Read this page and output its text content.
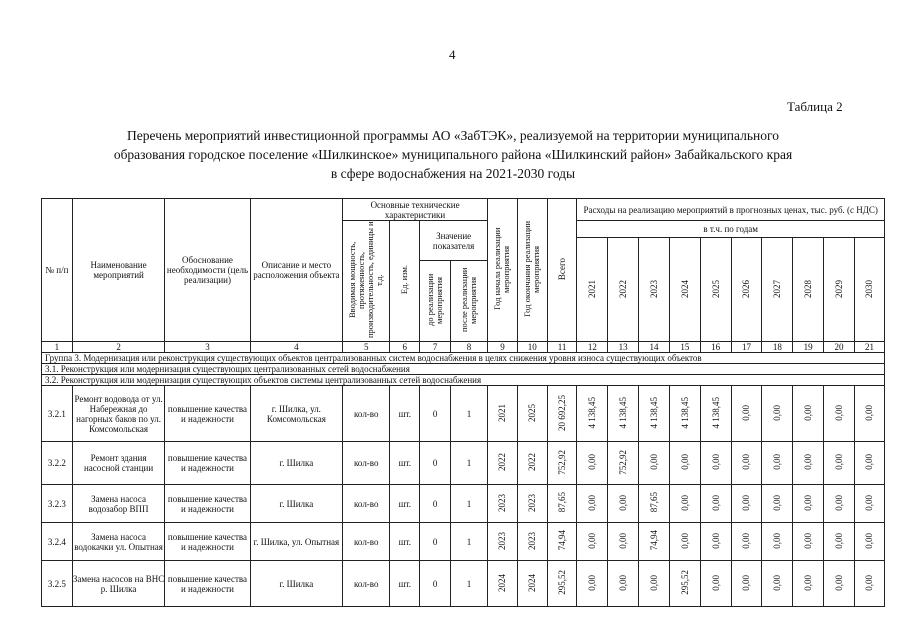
4
Таблица 2
Перечень мероприятий инвестиционной программы АО «ЗабТЭК», реализуемой на территории муниципального
образования городское поселение «Шилкинское» муниципального района «Шилкинский район» Забайкальского края
в сфере водоснабжения на 2021-2030 годы
№ п/п	Наименование мероприятий	Обоснование необходимости (цель реализации)	Описание и место расположения объекта	Основные технические характеристики				Год начала реализации мероприятия	Год окончания реализации мероприятия	Всего	Расходы на реализацию мероприятий в прогнозных ценах, тыс. руб. (с НДС)									
				Вводимая мощность, протяженность, производительность, единицы и т.д.	Ед. изм.	Значение показателя					в т.ч. по годам									
											2021	2022	2023	2024	2025	2026	2027	2028	2029	2030
						до реализации мероприятия	после реализации мероприятия													
1	2	3	4	5	6	7	8	9	10	11	12	13	14	15	16	17	18	19	20	21
Группа 3. Модернизация или реконструкция существующих объектов централизованных систем водоснабжения в целях снижения уровня износа существующих объектов																				
3.1. Реконструкция или модернизация существующих централизованных сетей водоснабжения																				
3.2. Реконструкция или модернизация существующих объектов системы централизованных сетей водоснабжения																				
3.2.1	Ремонт водовода от ул. Набережная до нагорных баков по ул. Комсомольская	повышение качества и надежности	г. Шилка, ул. Комсомольская	кол-во	шт.	0	1	2021	2025	20 692,25	4 138,45	4 138,45	4 138,45	4 138,45	4 138,45	0,00	0,00	0,00	0,00	0,00
3.2.2	Ремонт здания насосной станции	повышение качества и надежности	г. Шилка	кол-во	шт.	0	1	2022	2022	752,92	0,00	752,92	0,00	0,00	0,00	0,00	0,00	0,00	0,00	0,00
3.2.3	Замена насоса водозабор ВПП	повышение качества и надежности	г. Шилка	кол-во	шт.	0	1	2023	2023	87,65	0,00	0,00	87,65	0,00	0,00	0,00	0,00	0,00	0,00	0,00
3.2.4	Замена насоса водокачки ул. Опытная	повышение качества и надежности	г. Шилка, ул. Опытная	кол-во	шт.	0	1	2023	2023	74,94	0,00	0,00	74,94	0,00	0,00	0,00	0,00	0,00	0,00	0,00
3.2.5	Замена насосов на ВНС р. Шилка	повышение качества и надежности	г. Шилка	кол-во	шт.	0	1	2024	2024	295,52	0,00	0,00	0,00	295,52	0,00	0,00	0,00	0,00	0,00	0,00
